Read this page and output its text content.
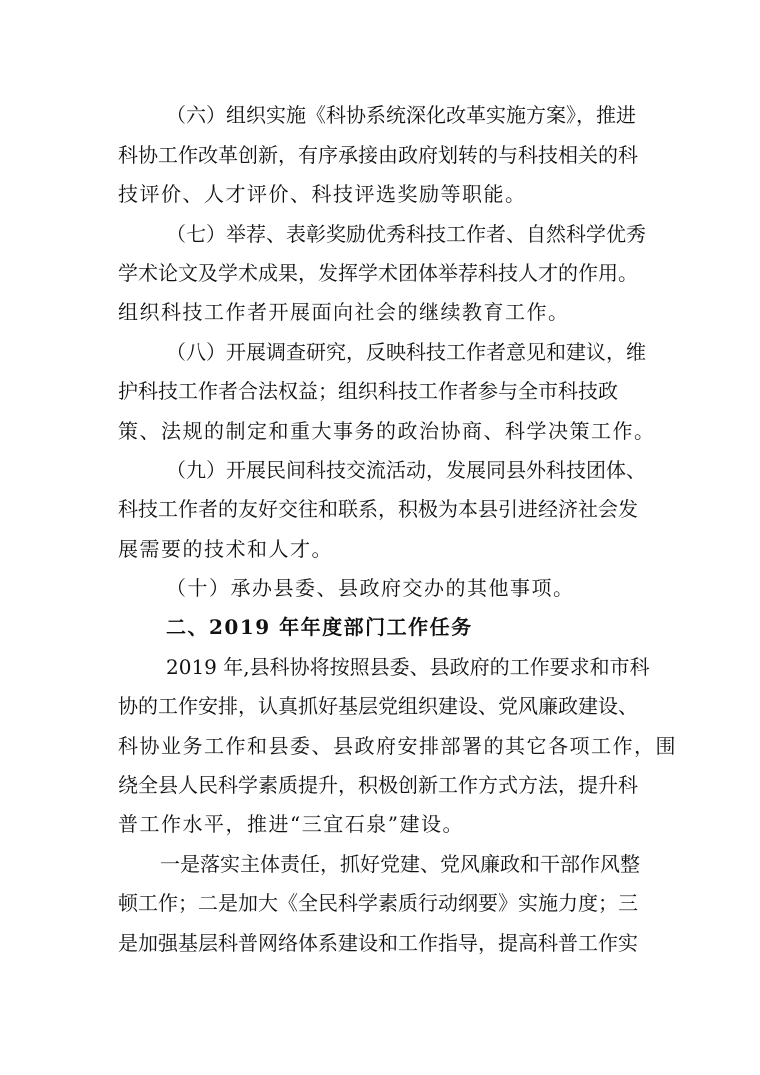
（六）组织实施《科协系统深化改革实施方案》，推进
科协工作改革创新，有序承接由政府划转的与科技相关的科
技评价、人才评价、科技评选奖励等职能。
（七）举荐、表彰奖励优秀科技工作者、自然科学优秀
学术论文及学术成果，发挥学术团体举荐科技人才的作用。
组织科技工作者开展面向社会的继续教育工作。
（八）开展调查研究，反映科技工作者意见和建议，维
护科技工作者合法权益；组织科技工作者参与全市科技政
策、法规的制定和重大事务的政治协商、科学决策工作。
（九）开展民间科技交流活动，发展同县外科技团体、
科技工作者的友好交往和联系，积极为本县引进经济社会发
展需要的技术和人才。
（十）承办县委、县政府交办的其他事项。
二、2019 年年度部门工作任务
2019 年,县科协将按照县委、县政府的工作要求和市科
协的工作安排，认真抓好基层党组织建设、党风廉政建设、
科协业务工作和县委、县政府安排部署的其它各项工作，围
绕全县人民科学素质提升，积极创新工作方式方法，提升科
普工作水平，推进“三宜石泉”建设。
一是落实主体责任，抓好党建、党风廉政和干部作风整
顿工作；二是加大《全民科学素质行动纲要》实施力度；三
是加强基层科普网络体系建设和工作指导，提高科普工作实
